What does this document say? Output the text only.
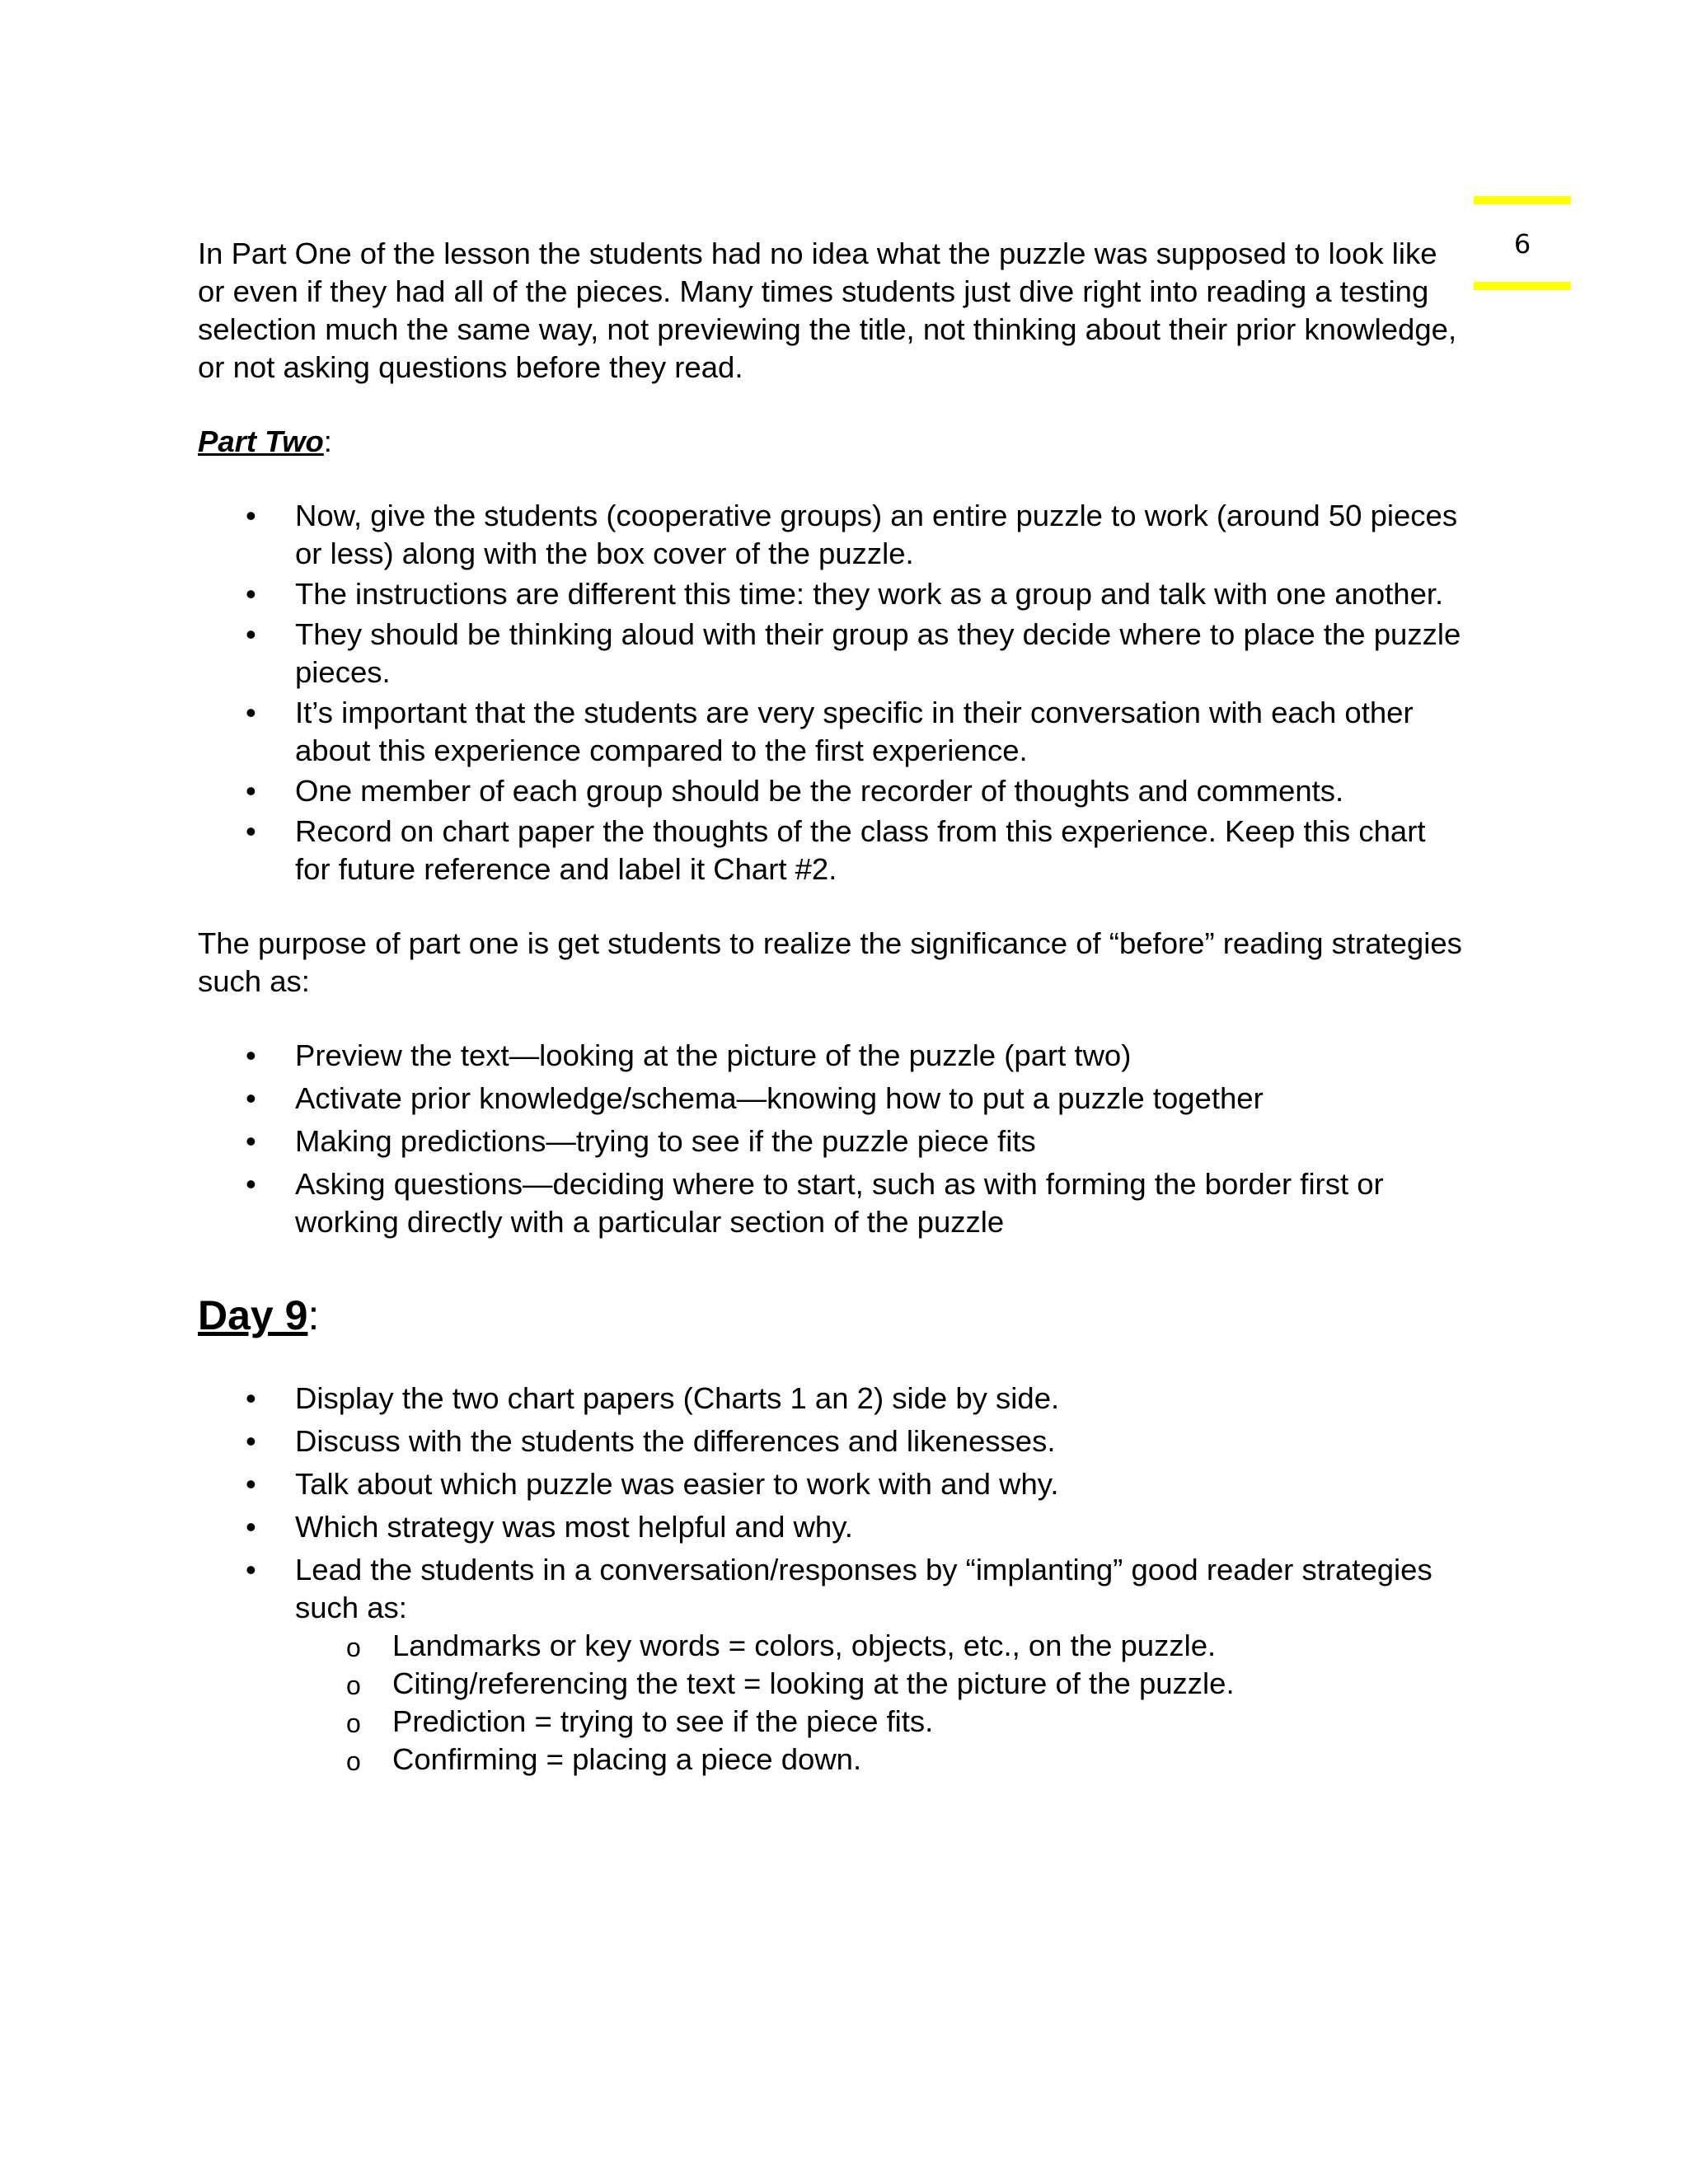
6

In Part One of the lesson the students had no idea what the puzzle was supposed to look like or even if they had all of the pieces. Many times students just dive right into reading a testing selection much the same way, not previewing the title, not thinking about their prior knowledge, or not asking questions before they read.

Part Two:

• Now, give the students (cooperative groups) an entire puzzle to work (around 50 pieces or less) along with the box cover of the puzzle.
• The instructions are different this time: they work as a group and talk with one another.
• They should be thinking aloud with their group as they decide where to place the puzzle pieces.
• It’s important that the students are very specific in their conversation with each other about this experience compared to the first experience.
• One member of each group should be the recorder of thoughts and comments.
• Record on chart paper the thoughts of the class from this experience. Keep this chart for future reference and label it Chart #2.

The purpose of part one is get students to realize the significance of “before” reading strategies such as:

• Preview the text—looking at the picture of the puzzle (part two)
• Activate prior knowledge/schema—knowing how to put a puzzle together
• Making predictions—trying to see if the puzzle piece fits
• Asking questions—deciding where to start, such as with forming the border first or working directly with a particular section of the puzzle

Day 9:

• Display the two chart papers (Charts 1 an 2) side by side.
• Discuss with the students the differences and likenesses.
• Talk about which puzzle was easier to work with and why.
• Which strategy was most helpful and why.
• Lead the students in a conversation/responses by “implanting” good reader strategies such as:
o Landmarks or key words = colors, objects, etc., on the puzzle.
o Citing/referencing the text = looking at the picture of the puzzle.
o Prediction = trying to see if the piece fits.
o Confirming = placing a piece down.
